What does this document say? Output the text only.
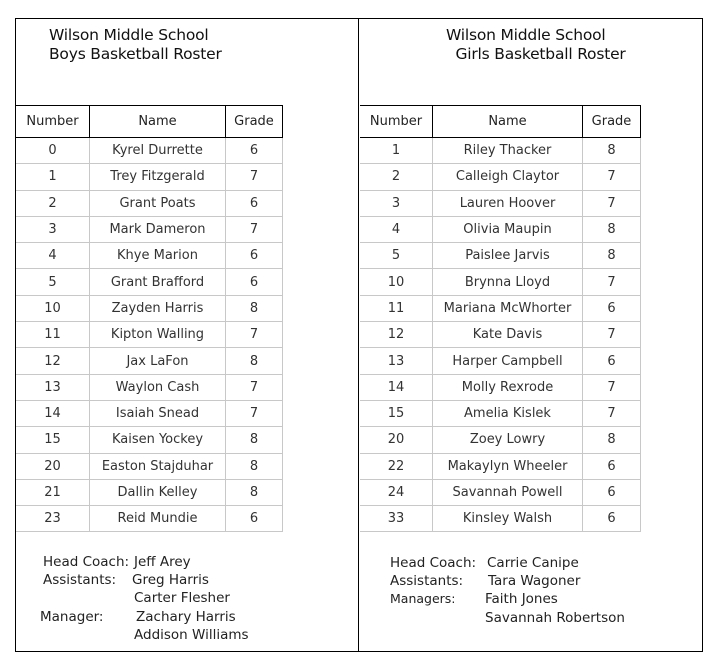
Wilson Middle School
Boys Basketball Roster
Number	Name	Grade
0	Kyrel Durrette	6
1	Trey Fitzgerald	7
2	Grant Poats	6
3	Mark Dameron	7
4	Khye Marion	6
5	Grant Brafford	6
10	Zayden Harris	8
11	Kipton Walling	7
12	Jax LaFon	8
13	Waylon Cash	7
14	Isaiah Snead	7
15	Kaisen Yockey	8
20	Easton Stajduhar	8
21	Dallin Kelley	8
23	Reid Mundie	6
Head Coach: Jeff Arey
Assistants: Greg Harris
Carter Flesher
Manager: Zachary Harris
Addison Williams
Wilson Middle School
Girls Basketball Roster
Number	Name	Grade
1	Riley Thacker	8
2	Calleigh Claytor	7
3	Lauren Hoover	7
4	Olivia Maupin	8
5	Paislee Jarvis	8
10	Brynna Lloyd	7
11	Mariana McWhorter	6
12	Kate Davis	7
13	Harper Campbell	6
14	Molly Rexrode	7
15	Amelia Kislek	7
20	Zoey Lowry	8
22	Makaylyn Wheeler	6
24	Savannah Powell	6
33	Kinsley Walsh	6
Head Coach: Carrie Canipe
Assistants: Tara Wagoner
Managers: Faith Jones
Savannah Robertson
